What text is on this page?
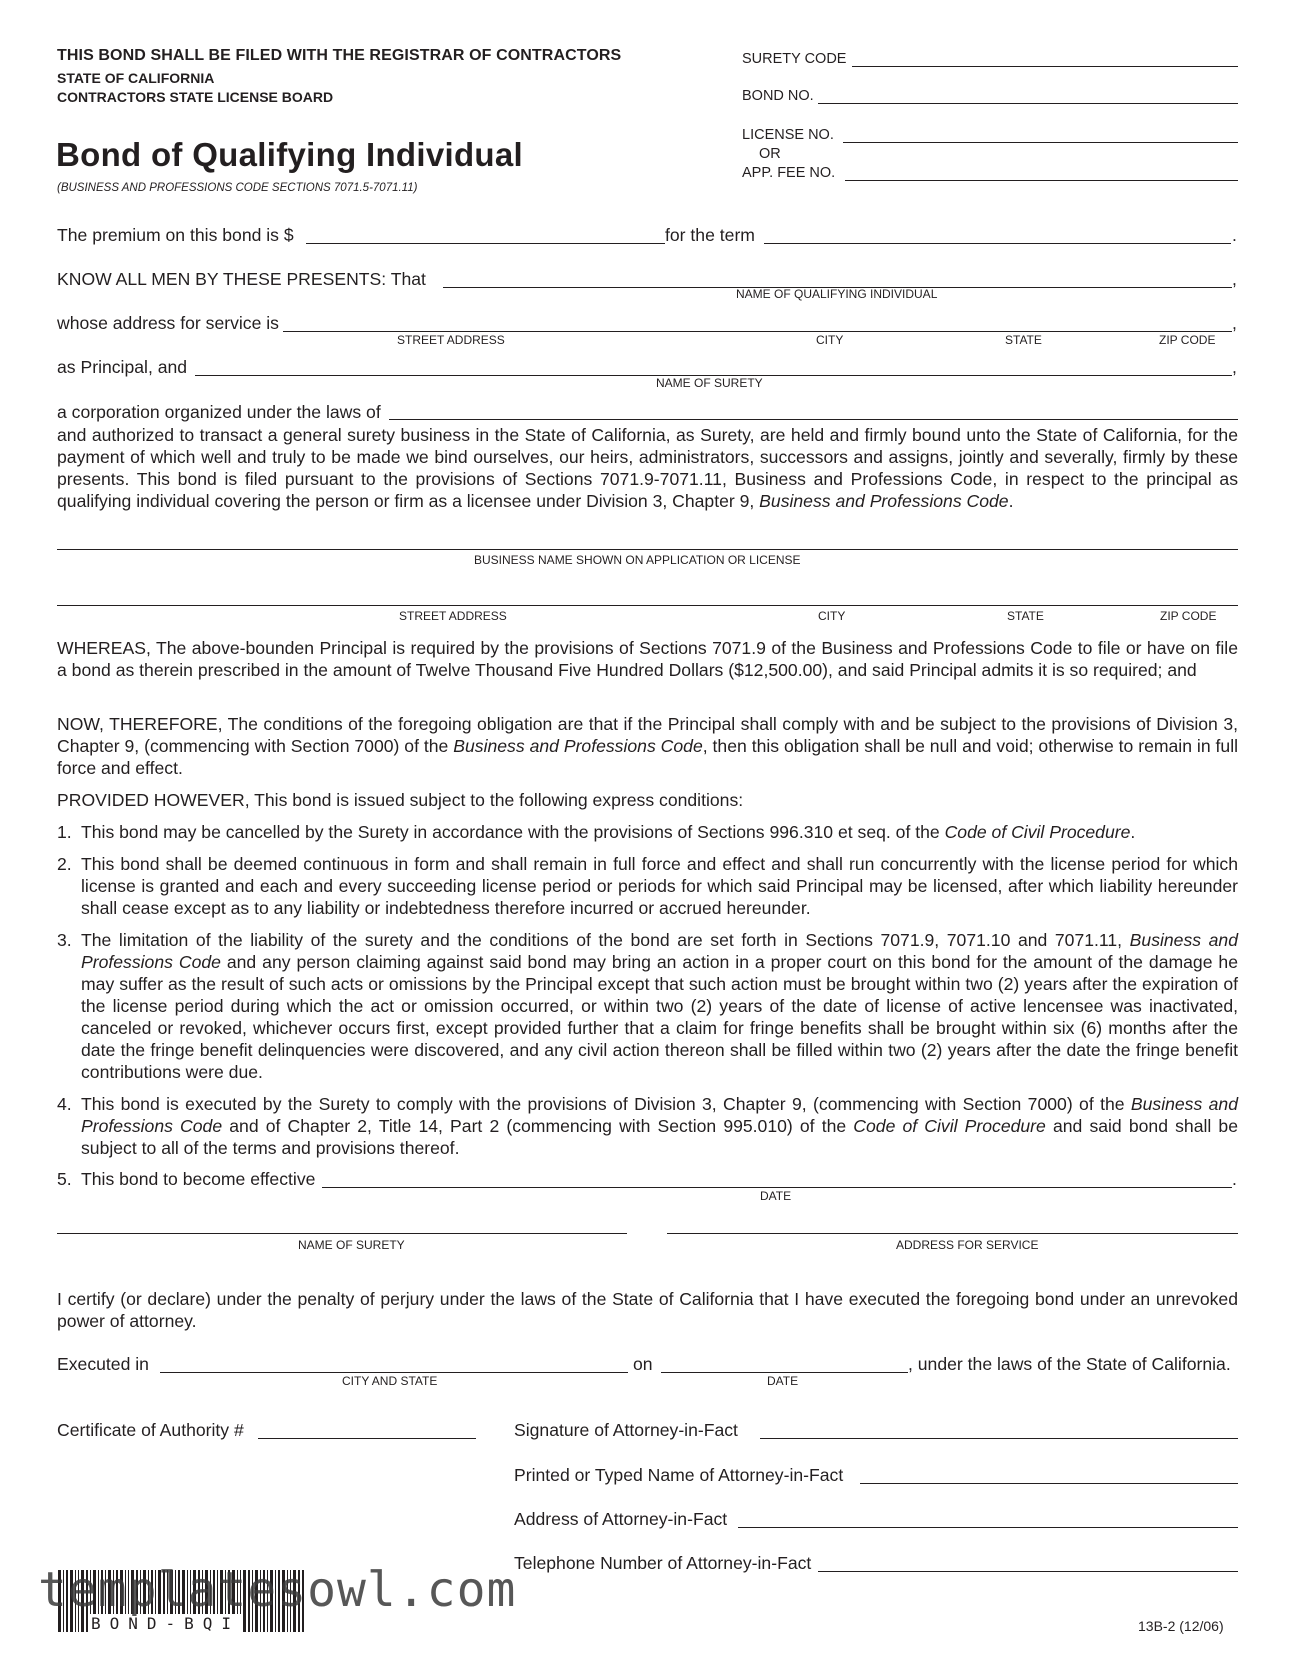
THIS BOND SHALL BE FILED WITH THE REGISTRAR OF CONTRACTORS
STATE OF CALIFORNIA
CONTRACTORS STATE LICENSE BOARD
Bond of Qualifying Individual
(BUSINESS AND PROFESSIONS CODE SECTIONS 7071.5-7071.11)
SURETY CODE
BOND NO.
LICENSE NO.
OR
APP. FEE NO.
The premium on this bond is $	for the term	.
KNOW ALL MEN BY THESE PRESENTS: That	,
NAME OF QUALIFYING INDIVIDUAL
whose address for service is	,
STREET ADDRESS	CITY	STATE	ZIP CODE
as Principal, and	,
NAME OF SURETY
a corporation organized under the laws of
and authorized to transact a general surety business in the State of California, as Surety, are held and firmly bound unto the State of California, for the payment of which well and truly to be made we bind ourselves, our heirs, administrators, successors and assigns, jointly and severally, firmly by these presents. This bond is filed pursuant to the provisions of Sections 7071.9-7071.11, Business and Professions Code, in respect to the principal as qualifying individual covering the person or firm as a licensee under Division 3, Chapter 9, Business and Professions Code.
BUSINESS NAME SHOWN ON APPLICATION OR LICENSE
STREET ADDRESS	CITY	STATE	ZIP CODE
WHEREAS, The above-bounden Principal is required by the provisions of Sections 7071.9 of the Business and Professions Code to file or have on file a bond as therein prescribed in the amount of Twelve Thousand Five Hundred Dollars ($12,500.00), and said Principal admits it is so required; and
NOW, THEREFORE, The conditions of the foregoing obligation are that if the Principal shall comply with and be subject to the provisions of Division 3, Chapter 9, (commencing with Section 7000) of the Business and Professions Code, then this obligation shall be null and void; otherwise to remain in full force and effect.
PROVIDED HOWEVER, This bond is issued subject to the following express conditions:
1. This bond may be cancelled by the Surety in accordance with the provisions of Sections 996.310 et seq. of the Code of Civil Procedure.
2. This bond shall be deemed continuous in form and shall remain in full force and effect and shall run concurrently with the license period for which license is granted and each and every succeeding license period or periods for which said Principal may be licensed, after which liability hereunder shall cease except as to any liability or indebtedness therefore incurred or accrued hereunder.
3. The limitation of the liability of the surety and the conditions of the bond are set forth in Sections 7071.9, 7071.10 and 7071.11, Business and Professions Code and any person claiming against said bond may bring an action in a proper court on this bond for the amount of the damage he may suffer as the result of such acts or omissions by the Principal except that such action must be brought within two (2) years after the expiration of the license period during which the act or omission occurred, or within two (2) years of the date of license of active lencensee was inactivated, canceled or revoked, whichever occurs first, except provided further that a claim for fringe benefits shall be brought within six (6) months after the date the fringe benefit delinquencies were discovered, and any civil action thereon shall be filled within two (2) years after the date the fringe benefit contributions were due.
4. This bond is executed by the Surety to comply with the provisions of Division 3, Chapter 9, (commencing with Section 7000) of the Business and Professions Code and of Chapter 2, Title 14, Part 2 (commencing with Section 995.010) of the Code of Civil Procedure and said bond shall be subject to all of the terms and provisions thereof.
5. This bond to become effective	.
DATE
NAME OF SURETY	ADDRESS FOR SERVICE
I certify (or declare) under the penalty of perjury under the laws of the State of California that I have executed the foregoing bond under an unrevoked power of attorney.
Executed in
CITY AND STATE
on
DATE
, under the laws of the State of California.
Certificate of Authority #	Signature of Attorney-in-Fact
Printed or Typed Name of Attorney-in-Fact
Address of Attorney-in-Fact
Telephone Number of Attorney-in-Fact
BOND-BQI
templatesowl.com
13B-2 (12/06)
